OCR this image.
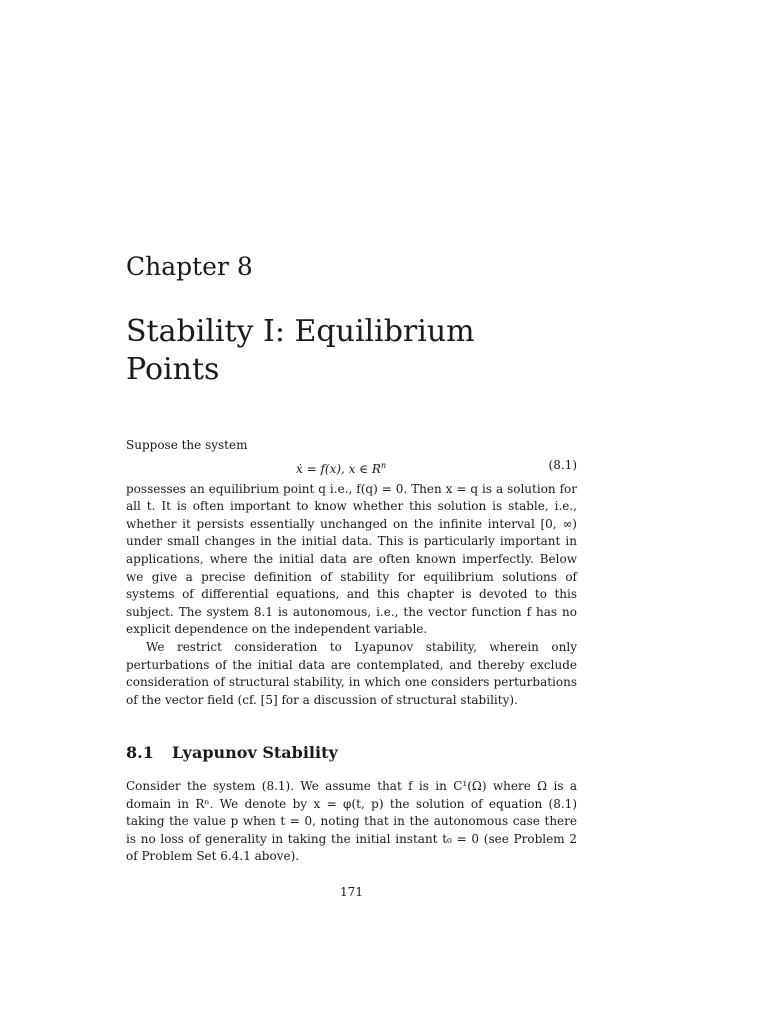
Chapter 8
Stability I: Equilibrium
Points

Suppose the system

ẋ = f(x), x ∈ $R^n$	(8.1)

possesses an equilibrium point q i.e., f(q) = 0. Then x = q is a solution for all t. It is often important to know whether this solution is stable, i.e., whether it persists essentially unchanged on the infinite interval [0, ∞) under small changes in the initial data. This is particularly important in applications, where the initial data are often known imperfectly. Below we give a precise definition of stability for equilibrium solutions of systems of differential equations, and this chapter is devoted to this subject. The system 8.1 is autonomous, i.e., the vector function f has no explicit dependence on the independent variable.

We restrict consideration to Lyapunov stability, wherein only perturbations of the initial data are contemplated, and thereby exclude consideration of structural stability, in which one considers perturbations of the vector field (cf. [5] for a discussion of structural stability).

8.1 Lyapunov Stability

Consider the system (8.1). We assume that f is in C¹(Ω) where Ω is a domain in Rⁿ. We denote by x = φ(t, p) the solution of equation (8.1) taking the value p when t = 0, noting that in the autonomous case there is no loss of generality in taking the initial instant t₀ = 0 (see Problem 2 of Problem Set 6.4.1 above).

171
